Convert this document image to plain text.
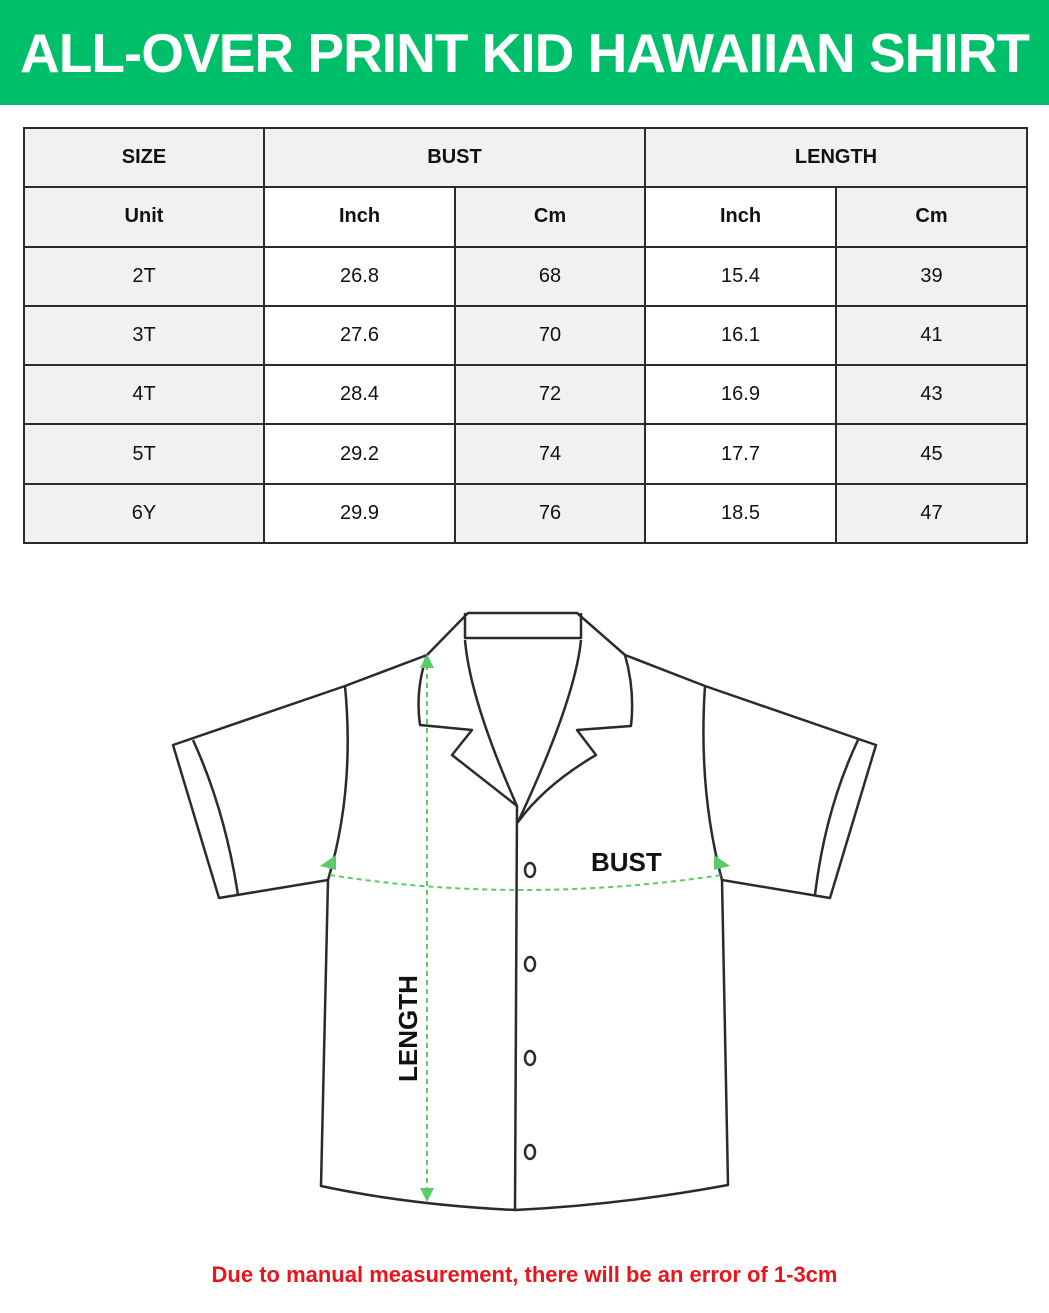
ALL-OVER PRINT KID HAWAIIAN SHIRT
SIZE	BUST		LENGTH	
Unit	Inch	Cm	Inch	Cm
2T	26.8	68	15.4	39
3T	27.6	70	16.1	41
4T	28.4	72	16.9	43
5T	29.2	74	17.7	45
6Y	29.9	76	18.5	47
BUST
LENGTH
Due to manual measurement, there will be an error of 1-3cm
